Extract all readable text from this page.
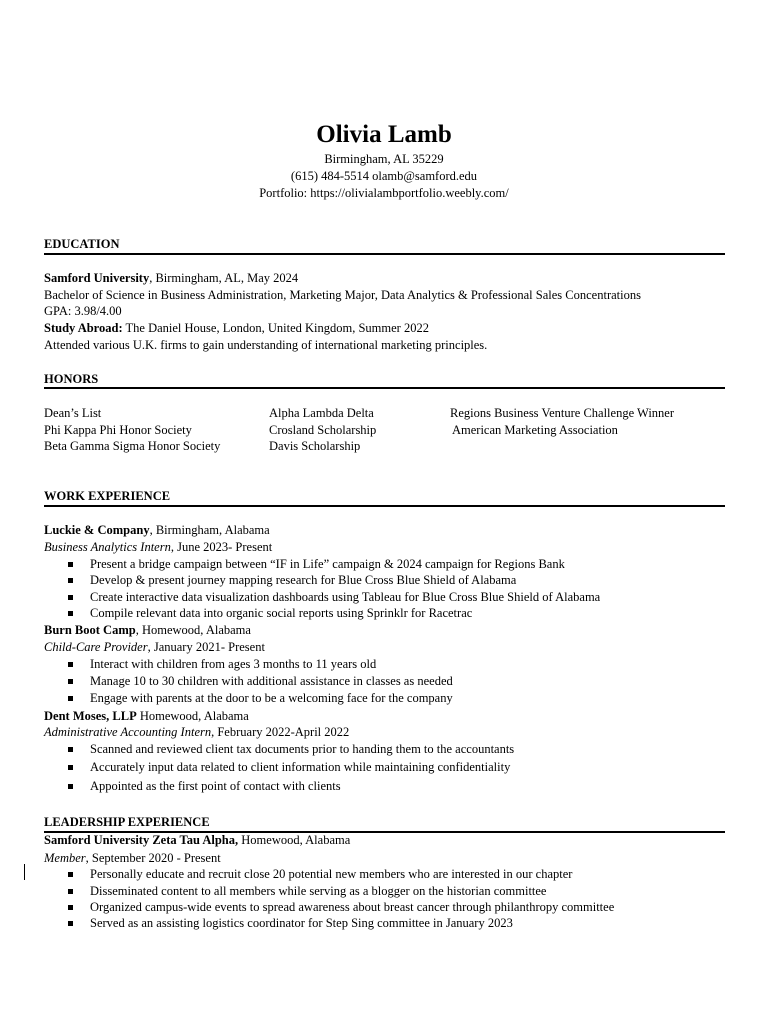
Olivia Lamb
Birmingham, AL 35229
(615) 484-5514 olamb@samford.edu
Portfolio: https://olivialambportfolio.weebly.com/
EDUCATION
Samford University, Birmingham, AL, May 2024
Bachelor of Science in Business Administration, Marketing Major, Data Analytics & Professional Sales Concentrations
GPA: 3.98/4.00
Study Abroad: The Daniel House, London, United Kingdom, Summer 2022
Attended various U.K. firms to gain understanding of international marketing principles.
HONORS
Dean’s List
Phi Kappa Phi Honor Society
Beta Gamma Sigma Honor Society
Alpha Lambda Delta
Crosland Scholarship
Davis Scholarship
Regions Business Venture Challenge Winner
American Marketing Association
WORK EXPERIENCE
Luckie & Company, Birmingham, Alabama
Business Analytics Intern, June 2023- Present
Present a bridge campaign between “IF in Life” campaign & 2024 campaign for Regions Bank
Develop & present journey mapping research for Blue Cross Blue Shield of Alabama
Create interactive data visualization dashboards using Tableau for Blue Cross Blue Shield of Alabama
Compile relevant data into organic social reports using Sprinklr for Racetrac
Burn Boot Camp, Homewood, Alabama
Child-Care Provider, January 2021- Present
Interact with children from ages 3 months to 11 years old
Manage 10 to 30 children with additional assistance in classes as needed
Engage with parents at the door to be a welcoming face for the company
Dent Moses, LLP Homewood, Alabama
Administrative Accounting Intern, February 2022-April 2022
Scanned and reviewed client tax documents prior to handing them to the accountants
Accurately input data related to client information while maintaining confidentiality
Appointed as the first point of contact with clients
LEADERSHIP EXPERIENCE
Samford University Zeta Tau Alpha, Homewood, Alabama
Member, September 2020 - Present
Personally educate and recruit close 20 potential new members who are interested in our chapter
Disseminated content to all members while serving as a blogger on the historian committee
Organized campus-wide events to spread awareness about breast cancer through philanthropy committee
Served as an assisting logistics coordinator for Step Sing committee in January 2023
